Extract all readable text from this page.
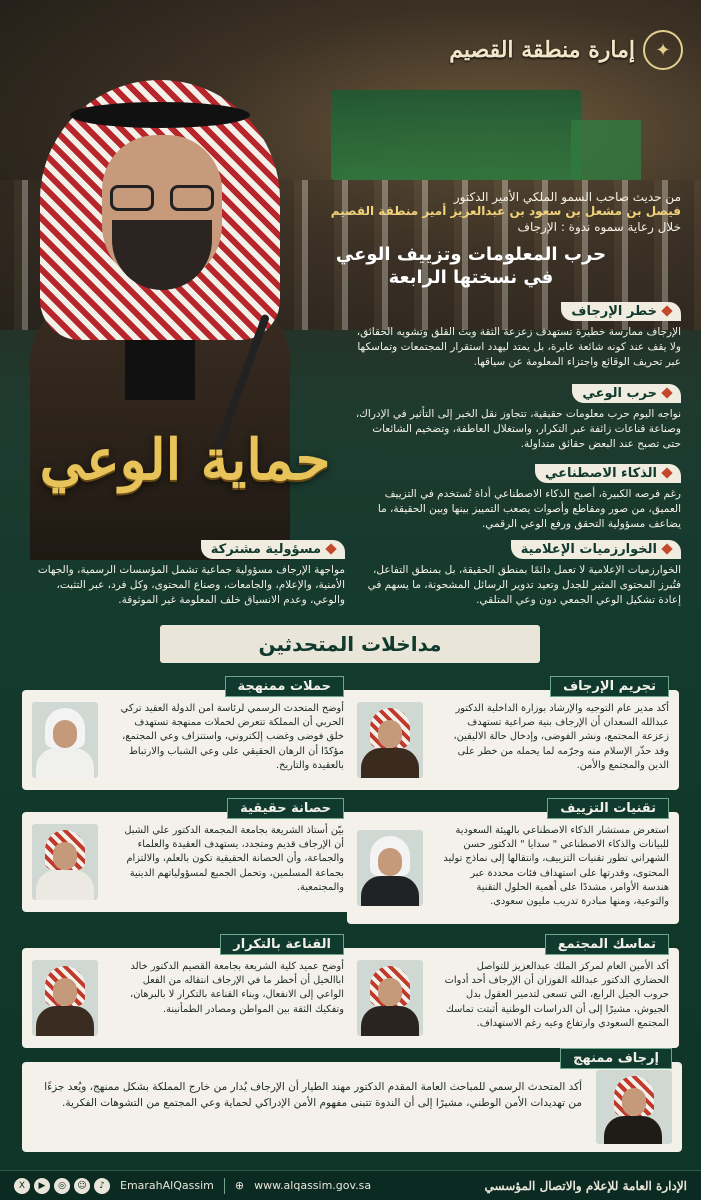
إمارة منطقة القصيم	✦
من حديث صاحب السمو الملكي الأمير الدكتور
فيصل بن مشعل بن سعود بن عبدالعزيز أمير منطقة القصيم
خلال رعاية سموه ندوة : الإرجاف
حرب المعلومات وتزييف الوعي
في نسختها الرابعة
حماية الوعي
خطر الإرجاف
الإرجاف ممارسة خطيرة تستهدف زعزعة الثقة وبث القلق وتشويه الحقائق، ولا يقف عند كونه شائعة عابرة، بل يمتد ليهدد استقرار المجتمعات وتماسكها عبر تحريف الوقائع واجتزاء المعلومة عن سياقها.
حرب الوعي
نواجه اليوم حرب معلومات حقيقية، تتجاوز نقل الخبر إلى التأثير في الإدراك، وصناعة قناعات زائفة عبر التكرار، واستغلال العاطفة، وتضخيم الشائعات حتى تصبح عند البعض حقائق متداولة.
الذكاء الاصطناعي
رغم فرصه الكبيرة، أصبح الذكاء الاصطناعي أداة تُستخدم في التزييف العميق، من صور ومقاطع وأصوات يصعب التمييز بينها وبين الحقيقة، ما يضاعف مسؤولية التحقق ورفع الوعي الرقمي.
الخوارزميات الإعلامية
الخوارزميات الإعلامية لا تعمل دائمًا بمنطق الحقيقة، بل بمنطق التفاعل، فتُبرز المحتوى المثير للجدل وتعيد تدوير الرسائل المشحونة، ما يسهم في إعادة تشكيل الوعي الجمعي دون وعي المتلقي.
مسؤولية مشتركة
مواجهة الإرجاف مسؤولية جماعية تشمل المؤسسات الرسمية، والجهات الأمنية، والإعلام، والجامعات، وصناع المحتوى، وكل فرد، عبر التثبت، والوعي، وعدم الانسياق خلف المعلومة غير الموثوقة.
مداخلات المتحدثين
تجريم الإرجاف
أكد مدير عام التوجيه والإرشاد بوزارة الداخلية الدكتور عبدالله السعدان أن الإرجاف بنية صراعية تستهدف زعزعة المجتمع، ونشر الفوضى، وإدخال حالة الاليقين، وقد حذّر الإسلام منه وجرّمه لما يحمله من خطر على الدين والمجتمع والأمن.
تقنيات التزييف
استعرض مستشار الذكاء الاصطناعي بالهيئة السعودية للبيانات والذكاء الاصطناعي " سدايا " الدكتور حسن الشهراني تطور تقنيات التزييف، وانتقالها إلى نماذج توليد المحتوى، وقدرتها على استهداف فئات محددة عبر هندسة الأوامر، مشددًا على أهمية الحلول التقنية والتوعية، ومنها مبادرة تدريب مليون سعودي.
تماسك المجتمع
أكد الأمين العام لمركز الملك عبدالعزيز للتواصل الحضاري الدكتور عبدالله الفوزان أن الإرجاف أحد أدوات حروب الجيل الرابع، التي تسعى لتدمير العقول بدل الجيوش، مشيرًا إلى أن الدراسات الوطنية أثبتت تماسك المجتمع السعودي وارتفاع وعيه رغم الاستهداف.
حملات ممنهجة
أوضح المتحدث الرسمي لرئاسة امن الدولة العقيد تركي الحربي أن المملكة تتعرض لحملات ممنهجة تستهدف خلق فوضى وغضب إلكتروني، واستنزاف وعي المجتمع، مؤكدًا أن الرهان الحقيقي على وعي الشباب والارتباط بالعقيدة والتاريخ.
حصانة حقيقية
بيّن أستاذ الشريعة بجامعة المجمعة الدكتور علي الشبل أن الإرجاف قديم ومتجدد، يستهدف العقيدة والعلماء والجماعة، وأن الحصانة الحقيقية تكون بالعلم، والالتزام بجماعة المسلمين، وتحمل الجميع لمسؤولياتهم الدينية والمجتمعية.
القناعة بالتكرار
أوضح عميد كلية الشريعة بجامعة القصيم الدكتور خالد اباالخيل أن أخطر ما في الإرجاف انتقاله من الفعل الواعي إلى الانفعال، وبناء القناعة بالتكرار لا بالبرهان، وتفكيك الثقة بين المواطن ومصادر الطمأنينة.
إرجاف ممنهج
أكد المتحدث الرسمي للمباحث العامة المقدم الدكتور مهند الطيار أن الإرجاف يُدار من خارج المملكة بشكل ممنهج، ويُعد جزءًا من تهديدات الأمن الوطني، مشيرًا إلى أن الندوة تتبنى مفهوم الأمن الإدراكي لحماية وعي المجتمع من التشوهات الفكرية.
X	▶	◎	☺	♪	EmarahAlQassim ⊕ www.alqassim.gov.sa	الإدارة العامة للإعلام والاتصال المؤسسي
